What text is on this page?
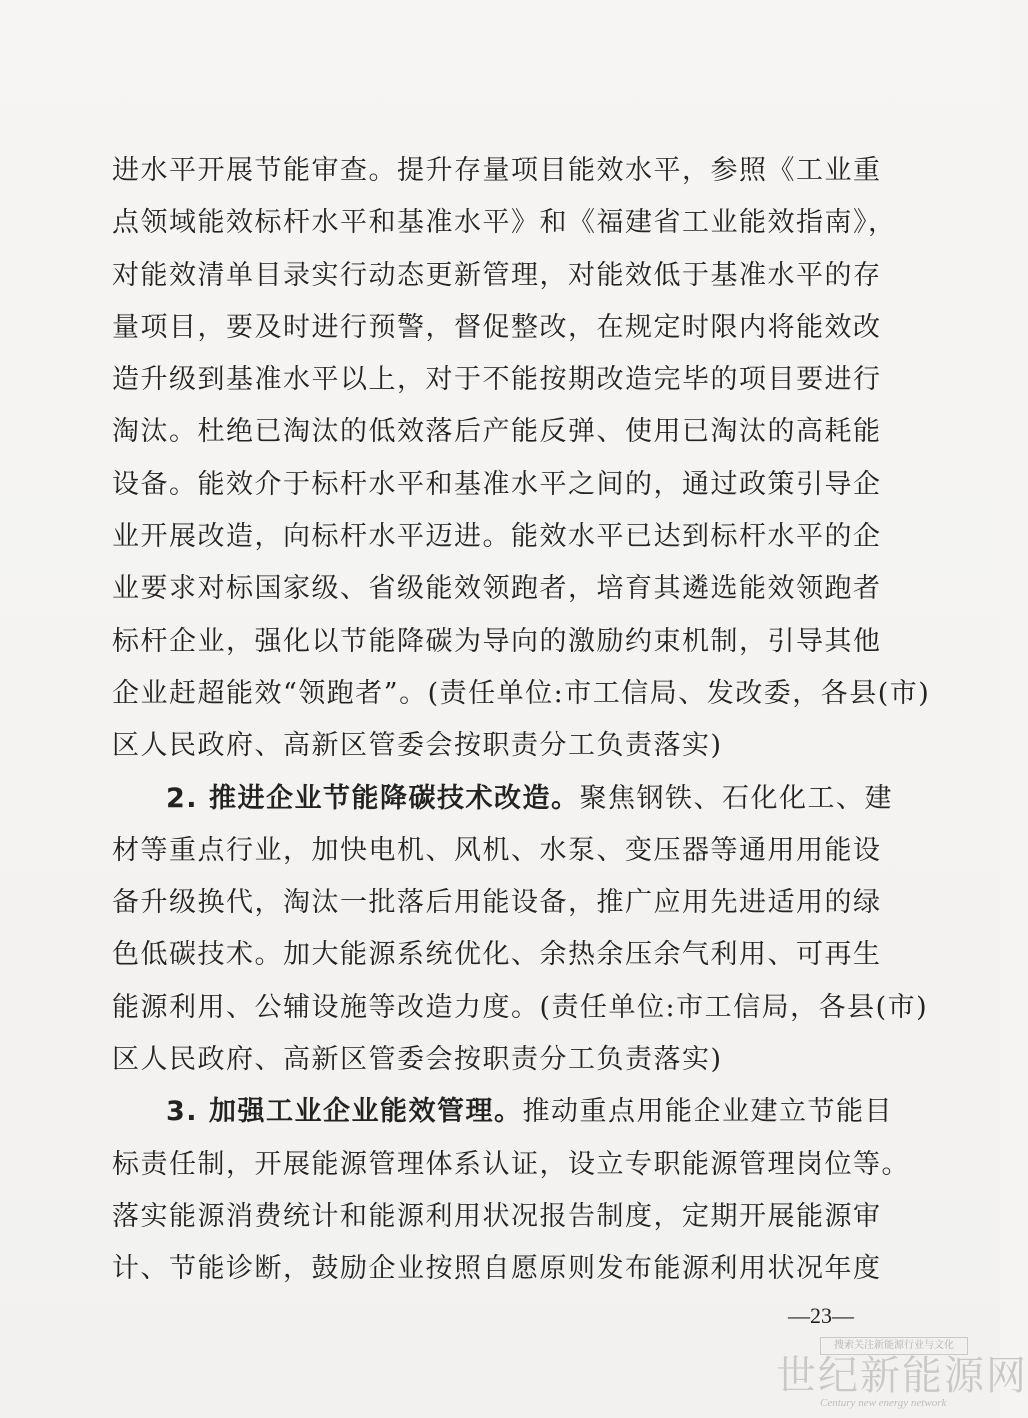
进水平开展节能审查。提升存量项目能效水平，参照《工业重
点领域能效标杆水平和基准水平》和《福建省工业能效指南》，
对能效清单目录实行动态更新管理，对能效低于基准水平的存
量项目，要及时进行预警，督促整改，在规定时限内将能效改
造升级到基准水平以上，对于不能按期改造完毕的项目要进行
淘汰。杜绝已淘汰的低效落后产能反弹、使用已淘汰的高耗能
设备。能效介于标杆水平和基准水平之间的，通过政策引导企
业开展改造，向标杆水平迈进。能效水平已达到标杆水平的企
业要求对标国家级、省级能效领跑者，培育其遴选能效领跑者
标杆企业，强化以节能降碳为导向的激励约束机制，引导其他
企业赶超能效“领跑者”。(责任单位:市工信局、发改委，各县(市)
区人民政府、高新区管委会按职责分工负责落实)
2. 推进企业节能降碳技术改造。聚焦钢铁、石化化工、建
材等重点行业，加快电机、风机、水泵、变压器等通用用能设
备升级换代，淘汰一批落后用能设备，推广应用先进适用的绿
色低碳技术。加大能源系统优化、余热余压余气利用、可再生
能源利用、公辅设施等改造力度。(责任单位:市工信局，各县(市)
区人民政府、高新区管委会按职责分工负责落实)
3. 加强工业企业能效管理。推动重点用能企业建立节能目
标责任制，开展能源管理体系认证，设立专职能源管理岗位等。
落实能源消费统计和能源利用状况报告制度，定期开展能源审
计、节能诊断，鼓励企业按照自愿原则发布能源利用状况年度
—23—
搜索关注新能源行业与文化
世纪新能源网
Century new energy network
